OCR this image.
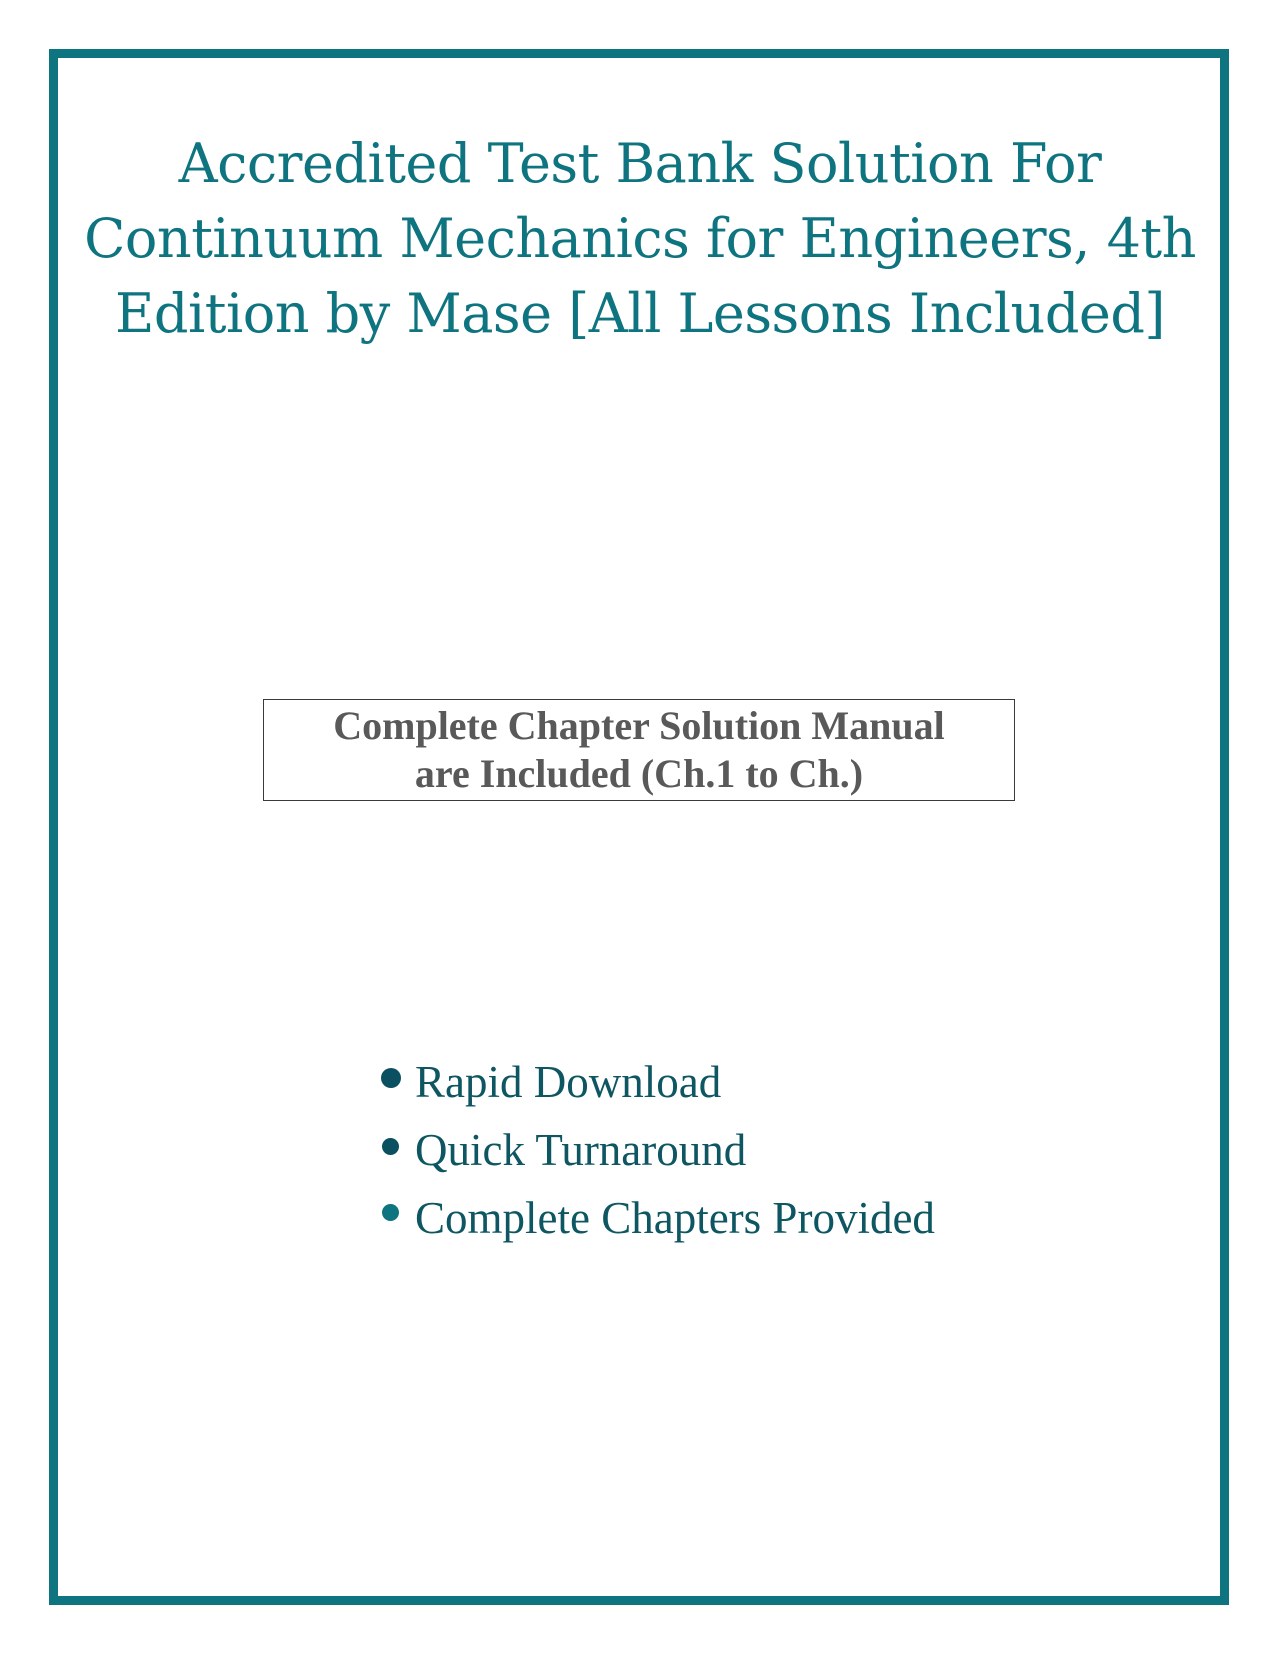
Accredited Test Bank Solution For
Continuum Mechanics for Engineers, 4th
Edition by Mase [All Lessons Included]
Complete Chapter Solution Manual
are Included (Ch.1 to Ch.)
Rapid Download
Quick Turnaround
Complete Chapters Provided
